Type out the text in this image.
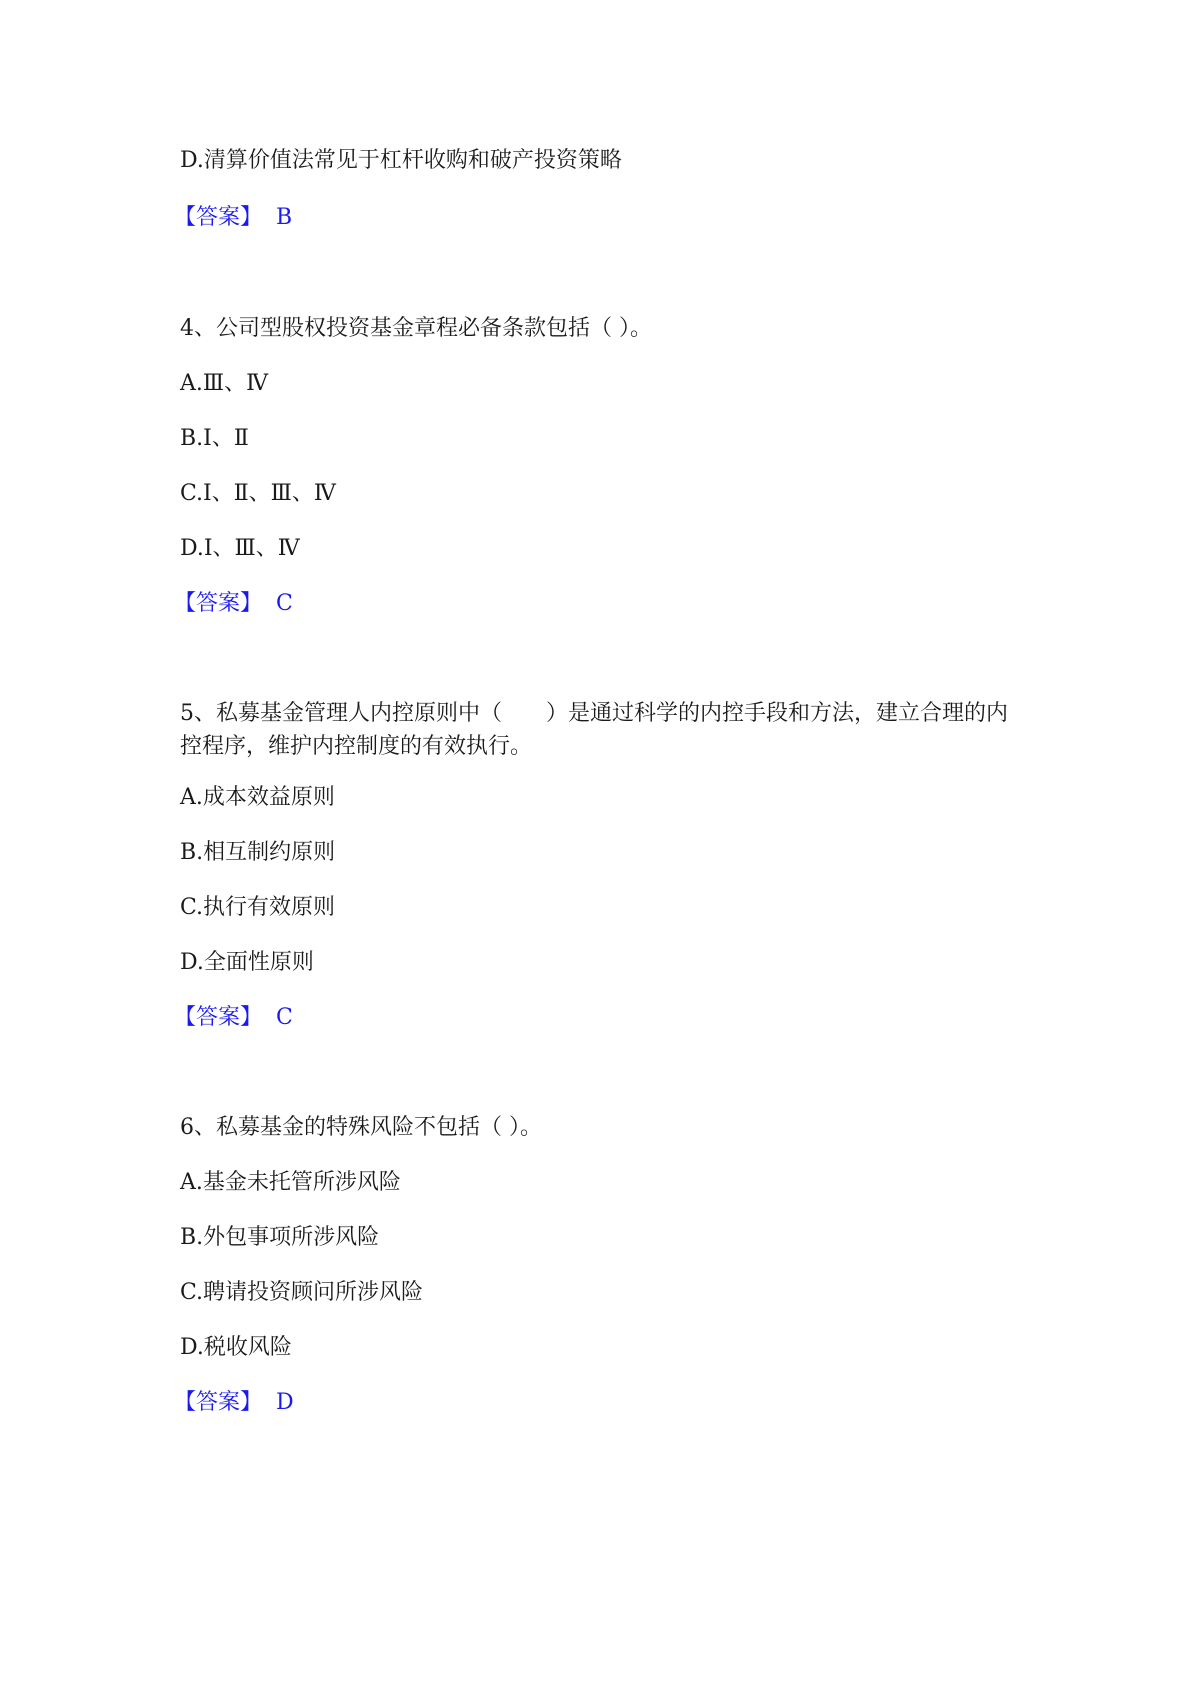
D.清算价值法常见于杠杆收购和破产投资策略
【答案】 B
4、公司型股权投资基金章程必备条款包括（ ）。
A.Ⅲ、Ⅳ
B.Ⅰ、Ⅱ
C.Ⅰ、Ⅱ、Ⅲ、Ⅳ
D.Ⅰ、Ⅲ、Ⅳ
【答案】 C
5、私募基金管理人内控原则中（　　）是通过科学的内控手段和方法，建立合理的内控程序，维护内控制度的有效执行。
A.成本效益原则
B.相互制约原则
C.执行有效原则
D.全面性原则
【答案】 C
6、私募基金的特殊风险不包括（ ）。
A.基金未托管所涉风险
B.外包事项所涉风险
C.聘请投资顾问所涉风险
D.税收风险
【答案】 D
